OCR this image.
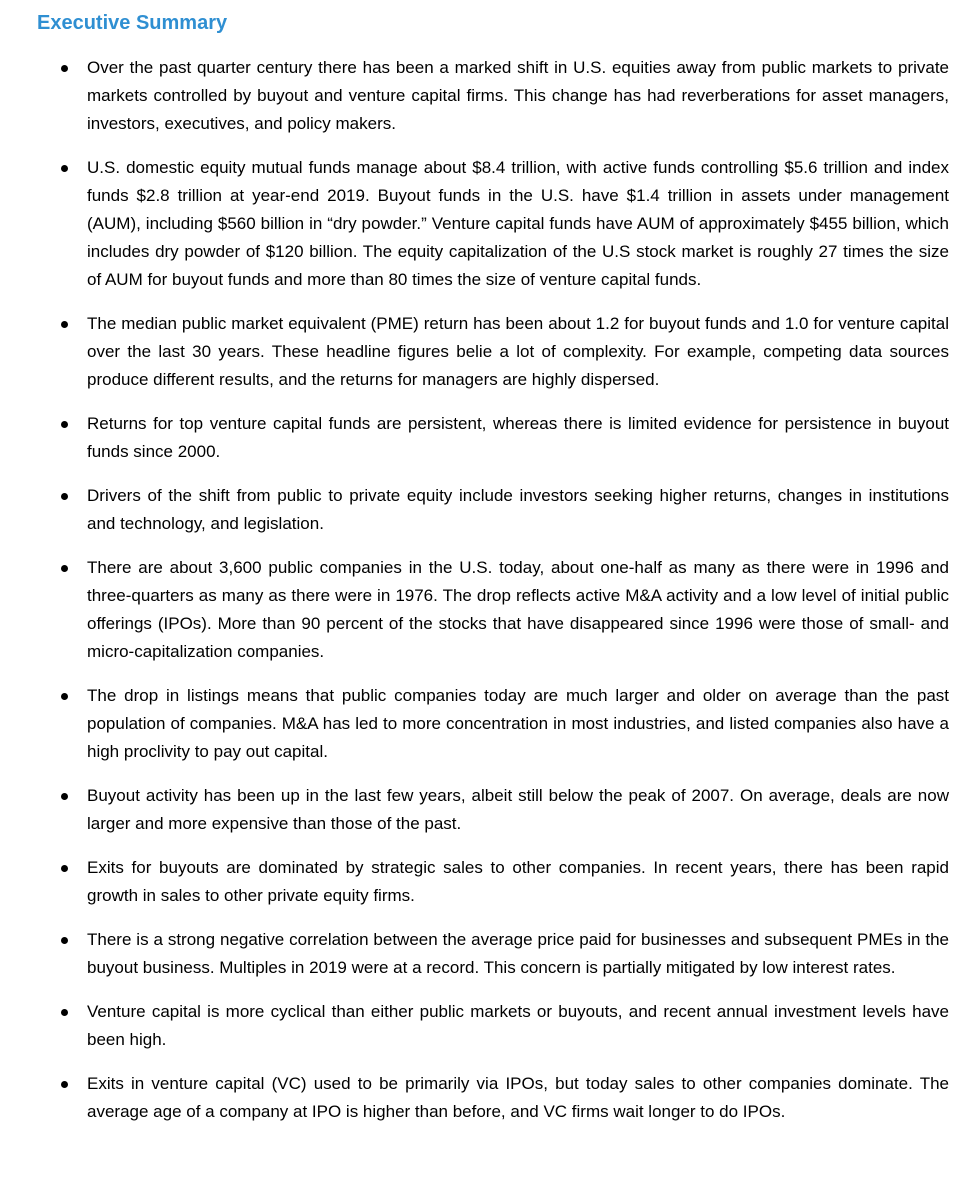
Executive Summary
Over the past quarter century there has been a marked shift in U.S. equities away from public markets to private markets controlled by buyout and venture capital firms. This change has had reverberations for asset managers, investors, executives, and policy makers.
U.S. domestic equity mutual funds manage about $8.4 trillion, with active funds controlling $5.6 trillion and index funds $2.8 trillion at year-end 2019. Buyout funds in the U.S. have $1.4 trillion in assets under management (AUM), including $560 billion in “dry powder.” Venture capital funds have AUM of approximately $455 billion, which includes dry powder of $120 billion. The equity capitalization of the U.S stock market is roughly 27 times the size of AUM for buyout funds and more than 80 times the size of venture capital funds.
The median public market equivalent (PME) return has been about 1.2 for buyout funds and 1.0 for venture capital over the last 30 years. These headline figures belie a lot of complexity. For example, competing data sources produce different results, and the returns for managers are highly dispersed.
Returns for top venture capital funds are persistent, whereas there is limited evidence for persistence in buyout funds since 2000.
Drivers of the shift from public to private equity include investors seeking higher returns, changes in institutions and technology, and legislation.
There are about 3,600 public companies in the U.S. today, about one-half as many as there were in 1996 and three-quarters as many as there were in 1976. The drop reflects active M&A activity and a low level of initial public offerings (IPOs). More than 90 percent of the stocks that have disappeared since 1996 were those of small- and micro-capitalization companies.
The drop in listings means that public companies today are much larger and older on average than the past population of companies. M&A has led to more concentration in most industries, and listed companies also have a high proclivity to pay out capital.
Buyout activity has been up in the last few years, albeit still below the peak of 2007. On average, deals are now larger and more expensive than those of the past.
Exits for buyouts are dominated by strategic sales to other companies. In recent years, there has been rapid growth in sales to other private equity firms.
There is a strong negative correlation between the average price paid for businesses and subsequent PMEs in the buyout business. Multiples in 2019 were at a record. This concern is partially mitigated by low interest rates.
Venture capital is more cyclical than either public markets or buyouts, and recent annual investment levels have been high.
Exits in venture capital (VC) used to be primarily via IPOs, but today sales to other companies dominate. The average age of a company at IPO is higher than before, and VC firms wait longer to do IPOs.
